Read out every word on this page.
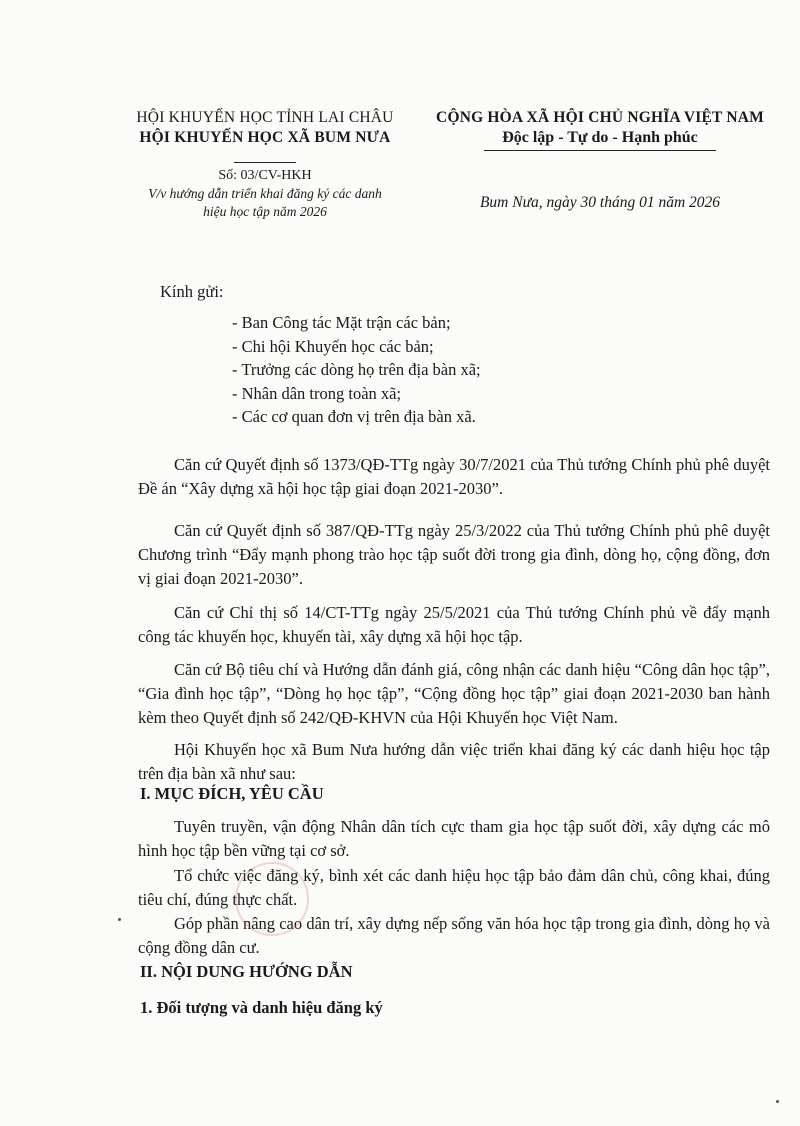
HỘI KHUYẾN HỌC TỈNH LAI CHÂU
HỘI KHUYẾN HỌC XÃ BUM NƯA
Số: 03/CV-HKH
V/v hướng dẫn triển khai đăng ký các danh
hiệu học tập năm 2026
CỘNG HÒA XÃ HỘI CHỦ NGHĨA VIỆT NAM
Độc lập - Tự do - Hạnh phúc
Bum Nưa, ngày 30 tháng 01 năm 2026
Kính gửi:
- Ban Công tác Mặt trận các bản;
- Chi hội Khuyến học các bản;
- Trưởng các dòng họ trên địa bàn xã;
- Nhân dân trong toàn xã;
- Các cơ quan đơn vị trên địa bàn xã.
Căn cứ Quyết định số 1373/QĐ-TTg ngày 30/7/2021 của Thủ tướng Chính phủ phê duyệt Đề án “Xây dựng xã hội học tập giai đoạn 2021-2030”.
Căn cứ Quyết định số 387/QĐ-TTg ngày 25/3/2022 của Thủ tướng Chính phủ phê duyệt Chương trình “Đẩy mạnh phong trào học tập suốt đời trong gia đình, dòng họ, cộng đồng, đơn vị giai đoạn 2021-2030”.
Căn cứ Chỉ thị số 14/CT-TTg ngày 25/5/2021 của Thủ tướng Chính phủ về đẩy mạnh công tác khuyến học, khuyến tài, xây dựng xã hội học tập.
Căn cứ Bộ tiêu chí và Hướng dẫn đánh giá, công nhận các danh hiệu “Công dân học tập”, “Gia đình học tập”, “Dòng họ học tập”, “Cộng đồng học tập” giai đoạn 2021-2030 ban hành kèm theo Quyết định số 242/QĐ-KHVN của Hội Khuyến học Việt Nam.
Hội Khuyến học xã Bum Nưa hướng dẫn việc triển khai đăng ký các danh hiệu học tập trên địa bàn xã như sau:
I. MỤC ĐÍCH, YÊU CẦU
Tuyên truyền, vận động Nhân dân tích cực tham gia học tập suốt đời, xây dựng các mô hình học tập bền vững tại cơ sở.
Tổ chức việc đăng ký, bình xét các danh hiệu học tập bảo đảm dân chủ, công khai, đúng tiêu chí, đúng thực chất.
Góp phần nâng cao dân trí, xây dựng nếp sống văn hóa học tập trong gia đình, dòng họ và cộng đồng dân cư.
II. NỘI DUNG HƯỚNG DẪN
1. Đối tượng và danh hiệu đăng ký
